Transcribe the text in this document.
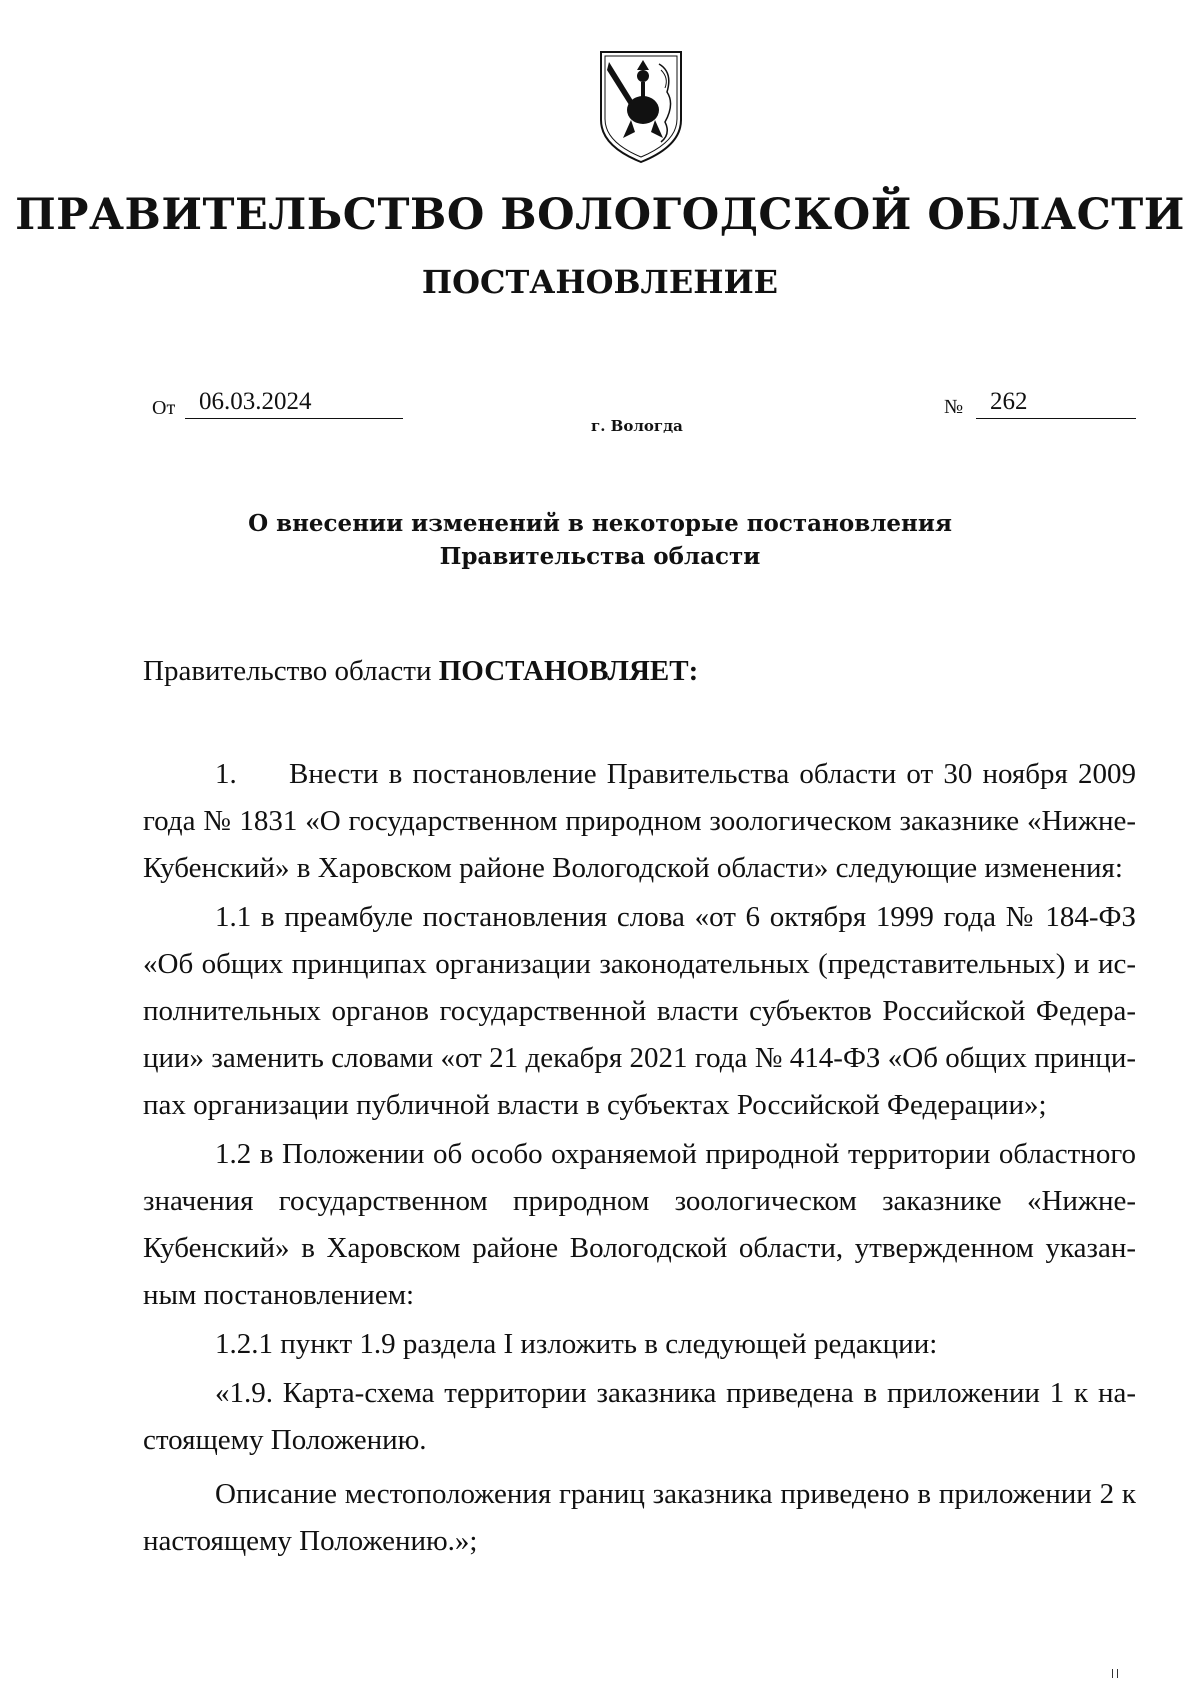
ПРАВИТЕЛЬСТВО ВОЛОГОДСКОЙ ОБЛАСТИ
ПОСТАНОВЛЕНИЕ
От 06.03.2024	№	262
г. Вологда
О внесении изменений в некоторые постановления
Правительства области
Правительство области ПОСТАНОВЛЯЕТ:
1. Внести в постановление Правительства области от 30 ноября 2009
года № 1831 «О государственном природном зоологическом заказнике «Нижне-
Кубенский» в Харовском районе Вологодской области» следующие изменения:
1.1 в преамбуле постановления слова «от 6 октября 1999 года № 184-ФЗ
«Об общих принципах организации законодательных (представительных) и ис-
полнительных органов государственной власти субъектов Российской Федера-
ции» заменить словами «от 21 декабря 2021 года № 414-ФЗ «Об общих принци-
пах организации публичной власти в субъектах Российской Федерации»;
1.2 в Положении об особо охраняемой природной территории областного
значения государственном природном зоологическом заказнике «Нижне-
Кубенский» в Харовском районе Вологодской области, утвержденном указан-
ным постановлением:
1.2.1 пункт 1.9 раздела I изложить в следующей редакции:
«1.9. Карта-схема территории заказника приведена в приложении 1 к на-
стоящему Положению.
Описание местоположения границ заказника приведено в приложении 2 к
настоящему Положению.»;
